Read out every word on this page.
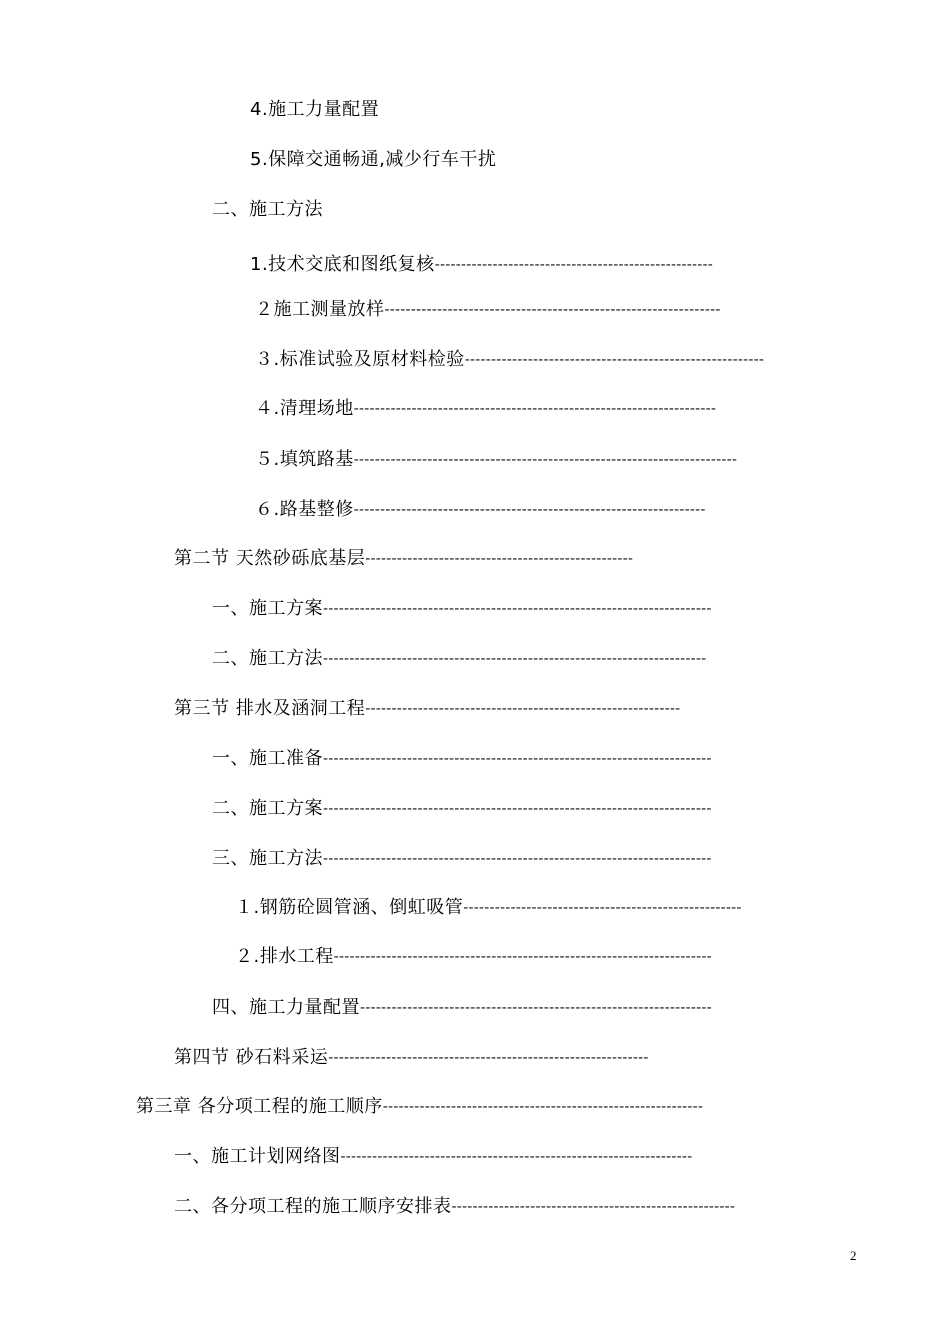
4.施工力量配置
5.保障交通畅通,减少行车干扰
二、施工方法
1.技术交底和图纸复核-----------------------------------------------------
２施工测量放样----------------------------------------------------------------
３.标准试验及原材料检验---------------------------------------------------------
４.清理场地---------------------------------------------------------------------
５.填筑路基-------------------------------------------------------------------------
６.路基整修-------------------------------------------------------------------
第二节 天然砂砾底基层---------------------------------------------------
一、施工方案--------------------------------------------------------------------------
二、施工方法-------------------------------------------------------------------------
第三节 排水及涵洞工程------------------------------------------------------------
一、施工准备--------------------------------------------------------------------------
二、施工方案--------------------------------------------------------------------------
三、施工方法--------------------------------------------------------------------------
１.钢筋砼圆管涵、倒虹吸管-----------------------------------------------------
２.排水工程------------------------------------------------------------------------
四、施工力量配置-------------------------------------------------------------------
第四节 砂石料采运-------------------------------------------------------------
第三章 各分项工程的施工顺序-------------------------------------------------------------
一、施工计划网络图-------------------------------------------------------------------
二、各分项工程的施工顺序安排表------------------------------------------------------
2
